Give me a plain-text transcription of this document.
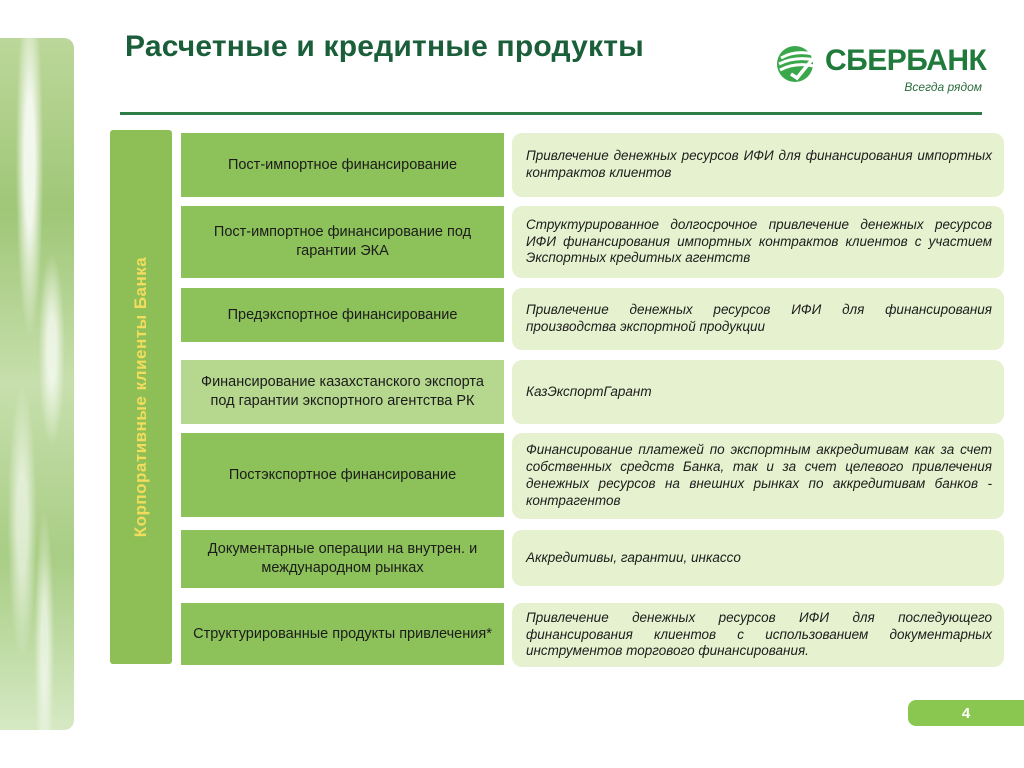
Расчетные и кредитные продукты	СБЕРБАНК
Всегда рядом
Корпоративные клиенты Банка
Пост-импортное финансирование
Привлечение денежных ресурсов ИФИ для финансирования импортных контрактов клиентов
Пост-импортное финансирование под гарантии ЭКА
Структурированное долгосрочное привлечение денежных ресурсов ИФИ финансирования импортных контрактов клиентов с участием Экспортных кредитных агентств
Предэкспортное финансирование	Привлечение денежных ресурсов ИФИ для финансирования производства экспортной продукции
Финансирование казахстанского экспорта под гарантии экспортного агентства РК
КазЭкспортГарант
Постэкспортное финансирование
Финансирование платежей по экспортным аккредитивам как за счет собственных средств Банка, так и за счет целевого привлечения денежных ресурсов на внешних рынках по аккредитивам банков - контрагентов
Документарные операции на внутрен. и международном рынках
Аккредитивы, гарантии, инкассо
Структурированные продукты привлечения*
Привлечение денежных ресурсов ИФИ для последующего финансирования клиентов с использованием документарных инструментов торгового финансирования.
4
